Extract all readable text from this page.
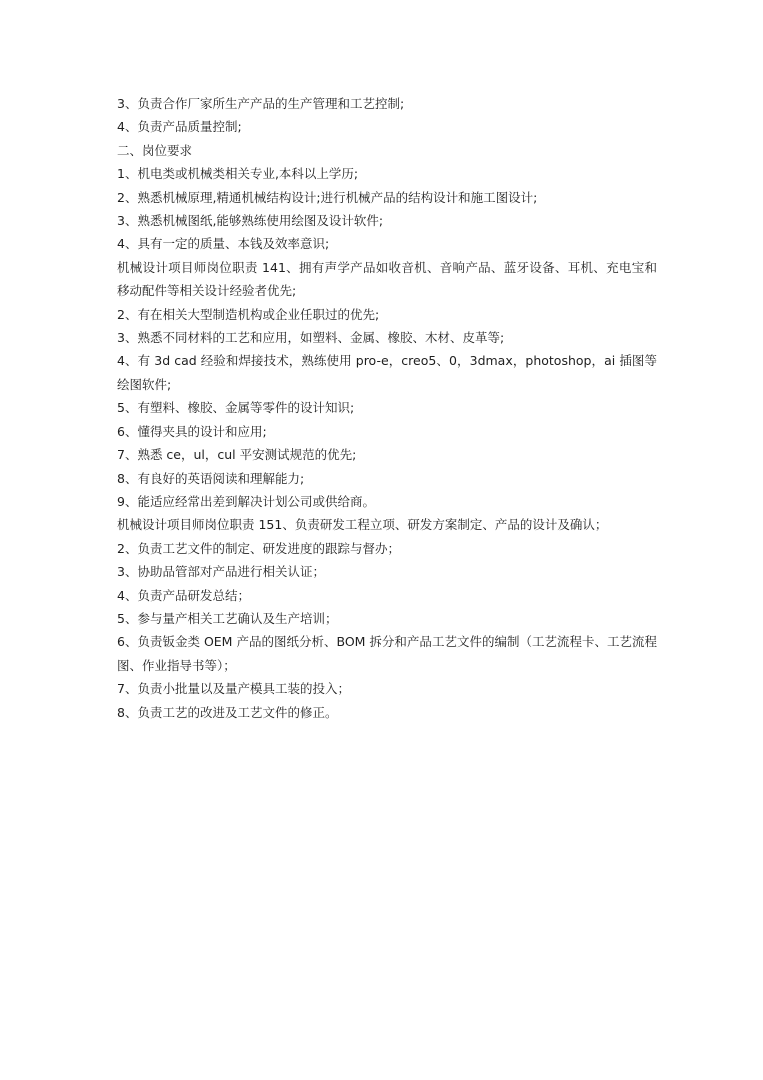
3、负责合作厂家所生产产品的生产管理和工艺控制;
4、负责产品质量控制;
二、岗位要求
1、机电类或机械类相关专业,本科以上学历;
2、熟悉机械原理,精通机械结构设计;进行机械产品的结构设计和施工图设计;
3、熟悉机械图纸,能够熟练使用绘图及设计软件;
4、具有一定的质量、本钱及效率意识;
机械设计项目师岗位职责 141、拥有声学产品如收音机、音响产品、蓝牙设备、耳机、充电宝和移动配件等相关设计经验者优先;
2、有在相关大型制造机构或企业任职过的优先;
3、熟悉不同材料的工艺和应用，如塑料、金属、橡胶、木材、皮革等;
4、有 3d cad 经验和焊接技术，熟练使用 pro-e，creo5、0，3dmax，photoshop，ai 插图等绘图软件;
5、有塑料、橡胶、金属等零件的设计知识;
6、懂得夹具的设计和应用;
7、熟悉 ce，ul，cul 平安测试规范的优先;
8、有良好的英语阅读和理解能力;
9、能适应经常出差到解决计划公司或供给商。
机械设计项目师岗位职责 151、负责研发工程立项、研发方案制定、产品的设计及确认；
2、负责工艺文件的制定、研发进度的跟踪与督办；
3、协助品管部对产品进行相关认证；
4、负责产品研发总结；
5、参与量产相关工艺确认及生产培训；
6、负责钣金类 OEM 产品的图纸分析、BOM 拆分和产品工艺文件的编制（工艺流程卡、工艺流程图、作业指导书等）；
7、负责小批量以及量产模具工装的投入；
8、负责工艺的改进及工艺文件的修正。
